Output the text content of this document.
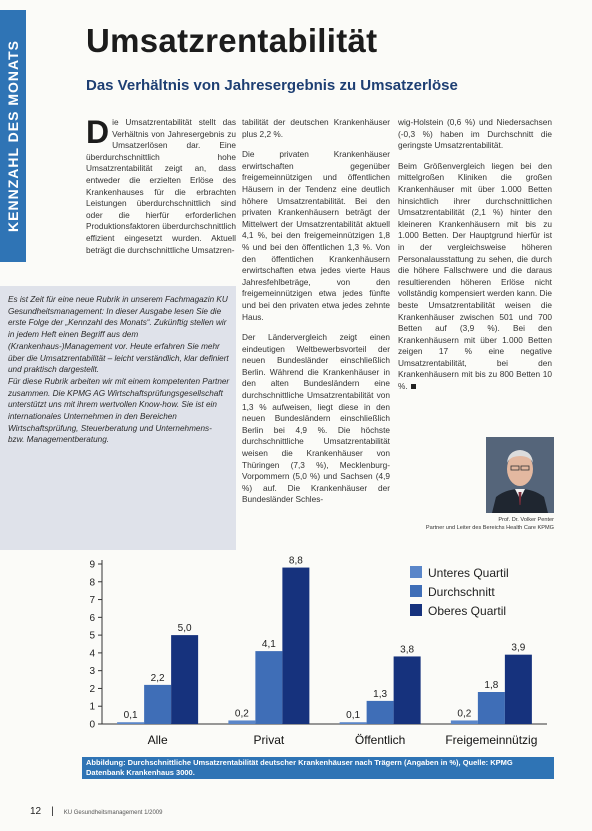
KENNZAHL DES MONATS Umsatzrentabilität
Das Verhältnis von Jahresergebnis zu Umsatzerlöse

Die Umsatzrentabilität stellt das Verhältnis von Jahresergebnis zu Umsatzerlösen dar. Eine überdurchschnittlich hohe Umsatzrentabilität zeigt an, dass entweder die erzielten Erlöse des Krankenhauses für die erbrachten Leistungen überdurchschnittlich sind oder die hierfür erforderlichen Produktionsfaktoren überdurchschnittlich effizient eingesetzt wurden. Aktuell beträgt die durchschnittliche Umsatzren-

tabilität der deutschen Krankenhäuser plus 2,2 %.

Die privaten Krankenhäuser erwirtschaften gegenüber freigemeinnützigen und öffentlichen Häusern in der Tendenz eine deutlich höhere Umsatzrentabilität. Bei den privaten Krankenhäusern beträgt der Mittelwert der Umsatzrentabilität aktuell 4,1 %, bei den freigemeinnützigen 1,8 % und bei den öffentlichen 1,3 %. Von den öffentlichen Krankenhäusern erwirtschaften etwa jedes vierte Haus Jahresfehlbeträge, von den freigemeinnützigen etwa jedes fünfte und bei den privaten etwa jedes zehnte Haus.

Der Ländervergleich zeigt einen eindeutigen Weltbewerbsvorteil der neuen Bundesländer einschließlich Berlin. Während die Krankenhäuser in den alten Bundesländern eine durchschnittliche Umsatzrentabilität von 1,3 % aufweisen, liegt diese in den neuen Bundesländern einschließlich Berlin bei 4,9 %. Die höchste durchschnittliche Umsatzrentabilität weisen die Krankenhäuser von Thüringen (7,3 %), Mecklenburg-Vorpommern (5,0 %) und Sachsen (4,9 %) auf. Die Krankenhäuser der Bundesländer Schles-

wig-Holstein (0,6 %) und Niedersachsen (-0,3 %) haben im Durchschnitt die geringste Umsatzrentabilität.

Beim Größenvergleich liegen bei den mittelgroßen Kliniken die großen Krankenhäuser mit über 1.000 Betten hinsichtlich ihrer durchschnittlichen Umsatzrentabilität (2,1 %) hinter den kleineren Krankenhäusern mit bis zu 1.000 Betten. Der Hauptgrund hierfür ist in der vergleichsweise höheren Personalausstattung zu sehen, die durch die höhere Fallschwere und die daraus resultierenden höheren Erlöse nicht vollständig kompensiert werden kann. Die beste Umsatzrentabilität weisen die Krankenhäuser zwischen 501 und 700 Betten auf (3,9 %). Bei den Krankenhäusern mit über 1.000 Betten zeigen 17 % eine negative Umsatzrentabilität, bei den Krankenhäusern mit bis zu 800 Betten 10 %.

Es ist Zeit für eine neue Rubrik in unserem Fachmagazin KU Gesundheitsmanagement: In dieser Ausgabe lesen Sie die erste Folge der „Kennzahl des Monats“. Zukünftig stellen wir in jedem Heft einen Begriff aus dem (Krankenhaus-)Management vor. Heute erfahren Sie mehr über die Umsatzrentabilität – leicht verständlich, klar definiert und praktisch dargestellt.

Für diese Rubrik arbeiten wir mit einem kompetenten Partner zusammen. Die KPMG AG Wirtschaftsprüfungsgesellschaft unterstützt uns mit ihrem wertvollen Know-how. Sie ist ein internationales Unternehmen in den Bereichen Wirtschaftsprüfung, Steuerberatung und Unternehmens- bzw. Managementberatung.

Prof. Dr. Volker Penter
Partner und Leiter des Bereichs Health Care KPMG
0
1
2
3
4
5
6
7
8
9
0,1
2,2
5,0
Alle
0,2
4,1
8,8
Privat
0,1
1,3
3,8
Öffentlich
0,2
1,8
3,9
Freigemeinnützig
Unteres Quartil
Durchschnitt
Oberes Quartil
Abbildung: Durchschnittliche Umsatzrentabilität deutscher Krankenhäuser nach Trägern (Angaben in %), Quelle: KPMG Datenbank Krankenhaus 3000.
12 | KU Gesundheitsmanagement 1/2009
